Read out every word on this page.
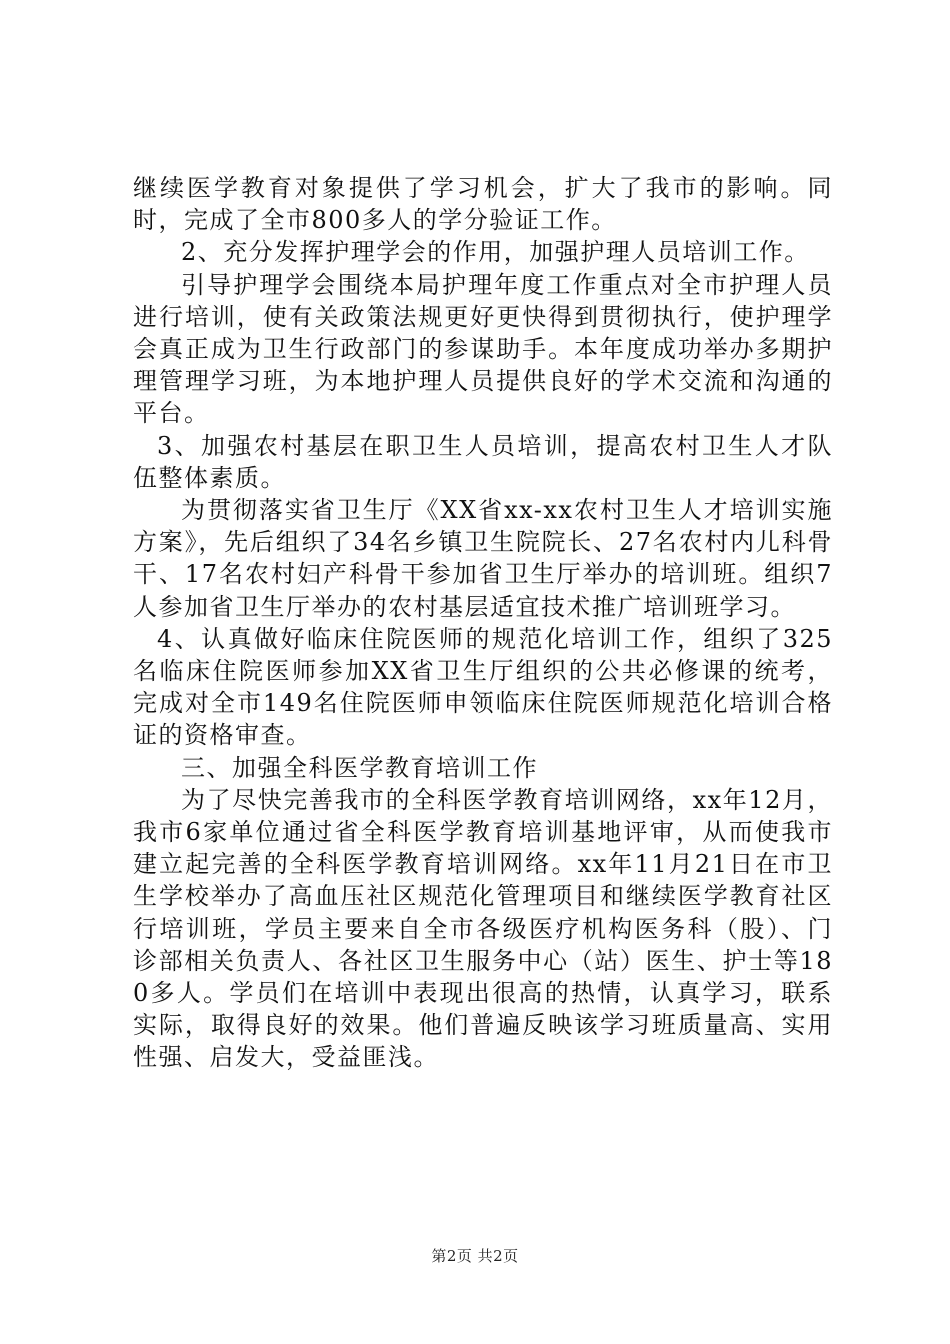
继续医学教育对象提供了学习机会，扩大了我市的影响。同时，完成了全市800多人的学分验证工作。

2、充分发挥护理学会的作用，加强护理人员培训工作。

引导护理学会围绕本局护理年度工作重点对全市护理人员进行培训，使有关政策法规更好更快得到贯彻执行，使护理学会真正成为卫生行政部门的参谋助手。本年度成功举办多期护理管理学习班，为本地护理人员提供良好的学术交流和沟通的平台。

3、加强农村基层在职卫生人员培训，提高农村卫生人才队伍整体素质。

为贯彻落实省卫生厅《XX省xx-xx农村卫生人才培训实施方案》，先后组织了34名乡镇卫生院院长、27名农村内儿科骨干、17名农村妇产科骨干参加省卫生厅举办的培训班。组织7人参加省卫生厅举办的农村基层适宜技术推广培训班学习。

4、认真做好临床住院医师的规范化培训工作，组织了325名临床住院医师参加XX省卫生厅组织的公共必修课的统考，完成对全市149名住院医师申领临床住院医师规范化培训合格证的资格审查。

三、加强全科医学教育培训工作

为了尽快完善我市的全科医学教育培训网络，xx年12月，我市6家单位通过省全科医学教育培训基地评审，从而使我市建立起完善的全科医学教育培训网络。xx年11月21日在市卫生学校举办了高血压社区规范化管理项目和继续医学教育社区行培训班，学员主要来自全市各级医疗机构医务科（股）、门诊部相关负责人、各社区卫生服务中心（站）医生、护士等180多人。学员们在培训中表现出很高的热情，认真学习，联系实际，取得良好的效果。他们普遍反映该学习班质量高、实用性强、启发大，受益匪浅。

第2页 共2页
